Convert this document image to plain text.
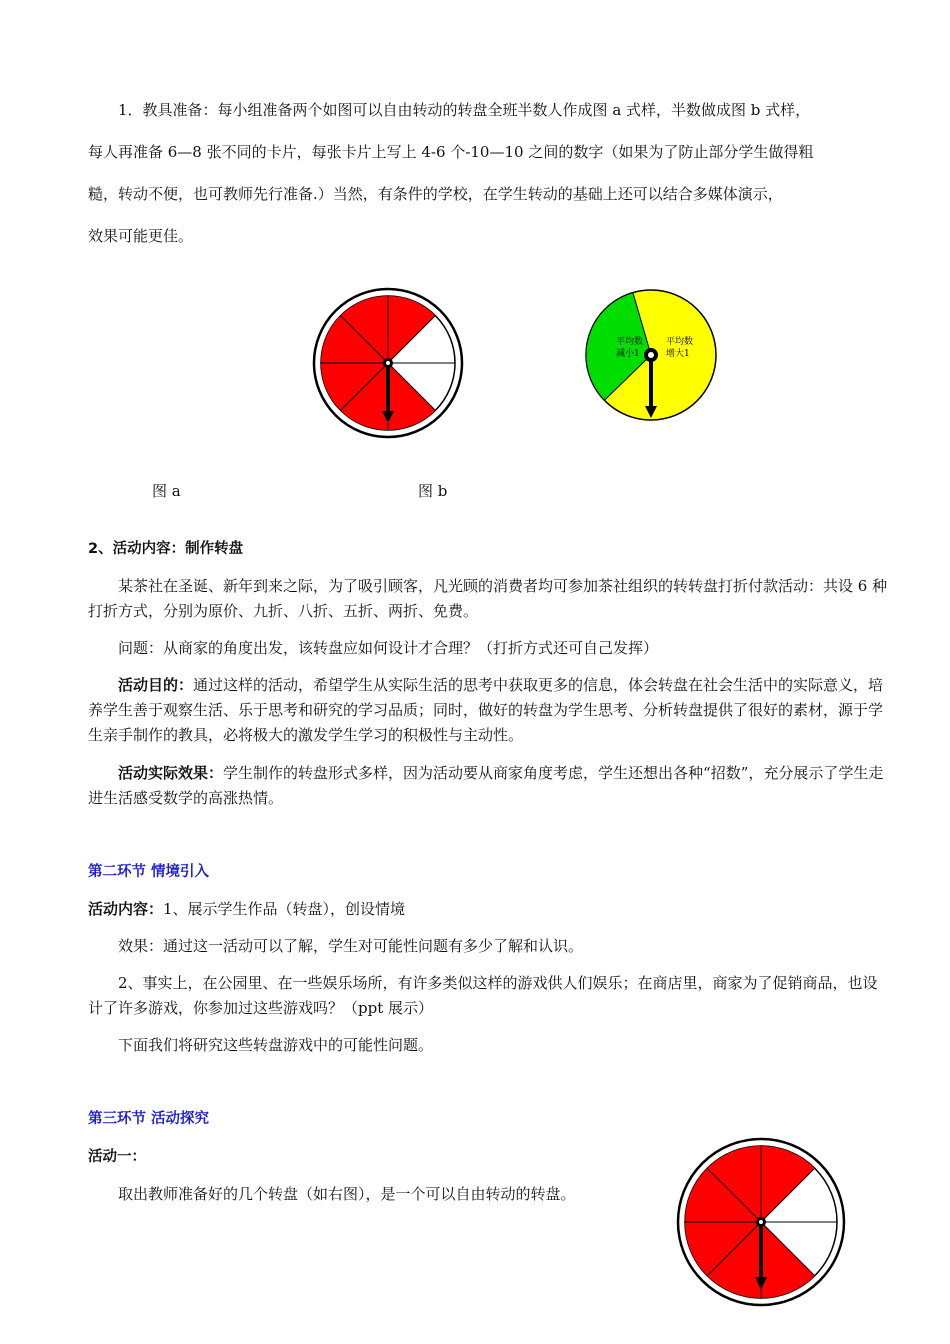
1．教具准备：每小组准备两个如图可以自由转动的转盘全班半数人作成图 a 式样，半数做成图 b 式样，

每人再准备 6—8 张不同的卡片，每张卡片上写上 4-6 个-10—10 之间的数字（如果为了防止部分学生做得粗

糙，转动不便，也可教师先行准备.）当然，有条件的学校，在学生转动的基础上还可以结合多媒体演示，

效果可能更佳。

平均数
减小1
平均数
增大1
图 a	图 b

2、活动内容：制作转盘

某茶社在圣诞、新年到来之际，为了吸引顾客，凡光顾的消费者均可参加茶社组织的转转盘打折付款活动：共设 6 种打折方式，分别为原价、九折、八折、五折、两折、免费。

问题：从商家的角度出发，该转盘应如何设计才合理？（打折方式还可自己发挥）

活动目的：通过这样的活动，希望学生从实际生活的思考中获取更多的信息，体会转盘在社会生活中的实际意义，培养学生善于观察生活、乐于思考和研究的学习品质；同时，做好的转盘为学生思考、分析转盘提供了很好的素材，源于学生亲手制作的教具，必将极大的激发学生学习的积极性与主动性。

活动实际效果：学生制作的转盘形式多样，因为活动要从商家角度考虑，学生还想出各种“招数”，充分展示了学生走进生活感受数学的高涨热情。

第二环节 情境引入

活动内容：1、展示学生作品（转盘），创设情境

效果：通过这一活动可以了解，学生对可能性问题有多少了解和认识。

2、事实上，在公园里、在一些娱乐场所，有许多类似这样的游戏供人们娱乐；在商店里，商家为了促销商品，也设计了许多游戏，你参加过这些游戏吗？（ppt 展示）

下面我们将研究这些转盘游戏中的可能性问题。

第三环节 活动探究

活动一：

取出教师准备好的几个转盘（如右图），是一个可以自由转动的转盘。
